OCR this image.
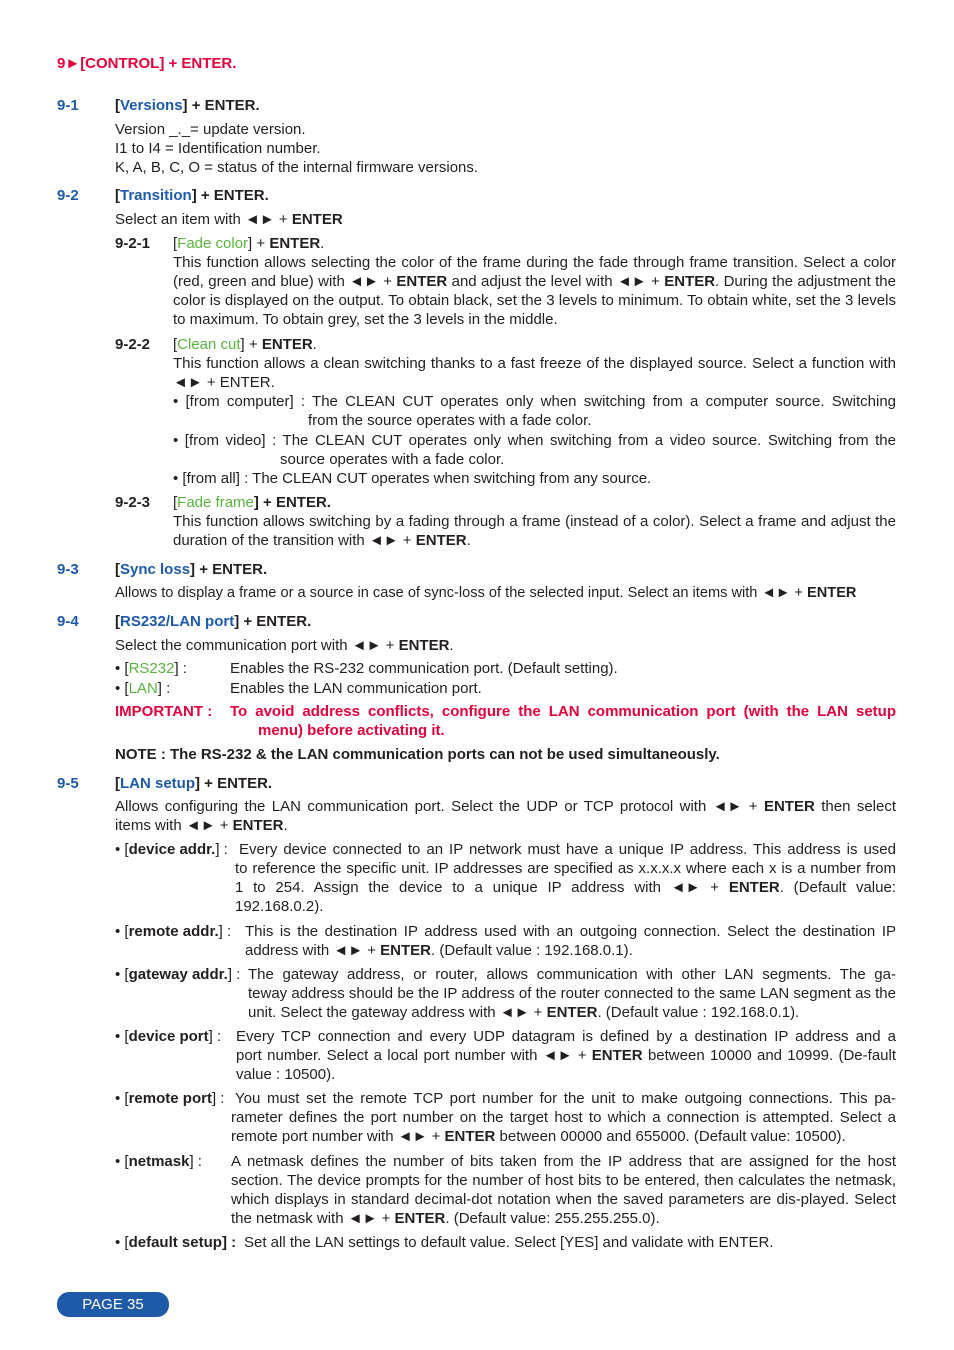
9►[CONTROL] + ENTER.
9-1 [Versions] + ENTER.
Version _._= update version.
I1 to I4 = Identification number.
K, A, B, C, O = status of the internal firmware versions.
9-2 [Transition] + ENTER.
Select an item with ◄► + ENTER
9-2-1 [Fade color] + ENTER.
This function allows selecting the color of the frame during the fade through frame transition. Select a color (red, green and blue) with ◄► + ENTER and adjust the level with ◄► + ENTER. During the adjustment the color is displayed on the output. To obtain black, set the 3 levels to minimum. To obtain white, set the 3 levels to maximum. To obtain grey, set the 3 levels in the middle.
9-2-2 [Clean cut] + ENTER.
This function allows a clean switching thanks to a fast freeze of the displayed source. Select a function with ◄► + ENTER.
• [from computer] : The CLEAN CUT operates only when switching from a computer source. Switching
from the source operates with a fade color.
• [from video] : The CLEAN CUT operates only when switching from a video source. Switching from the
source operates with a fade color.
• [from all] : The CLEAN CUT operates when switching from any source.
9-2-3 [Fade frame] + ENTER.
This function allows switching by a fading through a frame (instead of a color). Select a frame and adjust the duration of the transition with ◄► + ENTER.
9-3 [Sync loss] + ENTER.
Allows to display a frame or a source in case of sync-loss of the selected input. Select an items with ◄► + ENTER
9-4 [RS232/LAN port] + ENTER.
Select the communication port with ◄► + ENTER.
• [RS232] :	Enables the RS-232 communication port. (Default setting).
• [LAN] :	Enables the LAN communication port.
IMPORTANT : To avoid address conflicts, configure the LAN communication port (with the LAN setup
menu) before activating it.
NOTE : The RS-232 & the LAN communication ports can not be used simultaneously.
9-5 [LAN setup] + ENTER.
Allows configuring the LAN communication port. Select the UDP or TCP protocol with ◄► + ENTER then select items with ◄► + ENTER.
• [device addr.] : Every device connected to an IP network must have a unique IP address. This address is used
to reference the specific unit. IP addresses are specified as x.x.x.x where each x is a number from 1 to 254. Assign the device to a unique IP address with ◄► + ENTER. (Default value: 192.168.0.2).
• [remote addr.] : This is the destination IP address used with an outgoing connection. Select the destination IP
address with ◄► + ENTER. (Default value : 192.168.0.1).
• [gateway addr.] : The gateway address, or router, allows communication with other LAN segments. The ga-
teway address should be the IP address of the router connected to the same LAN segment as the unit. Select the gateway address with ◄► + ENTER. (Default value : 192.168.0.1).
• [device port] : Every TCP connection and every UDP datagram is defined by a destination IP address and a
port number. Select a local port number with ◄► + ENTER between 10000 and 10999. (De-fault value : 10500).
• [remote port] : You must set the remote TCP port number for the unit to make outgoing connections. This pa-
rameter defines the port number on the target host to which a connection is attempted. Select a remote port number with ◄► + ENTER between 00000 and 655000. (Default value: 10500).
• [netmask] : A netmask defines the number of bits taken from the IP address that are assigned for the host
section. The device prompts for the number of host bits to be entered, then calculates the netmask, which displays in standard decimal-dot notation when the saved parameters are dis-played. Select the netmask with ◄► + ENTER. (Default value: 255.255.255.0).
• [default setup] : Set all the LAN settings to default value. Select [YES] and validate with ENTER.
PAGE 35
